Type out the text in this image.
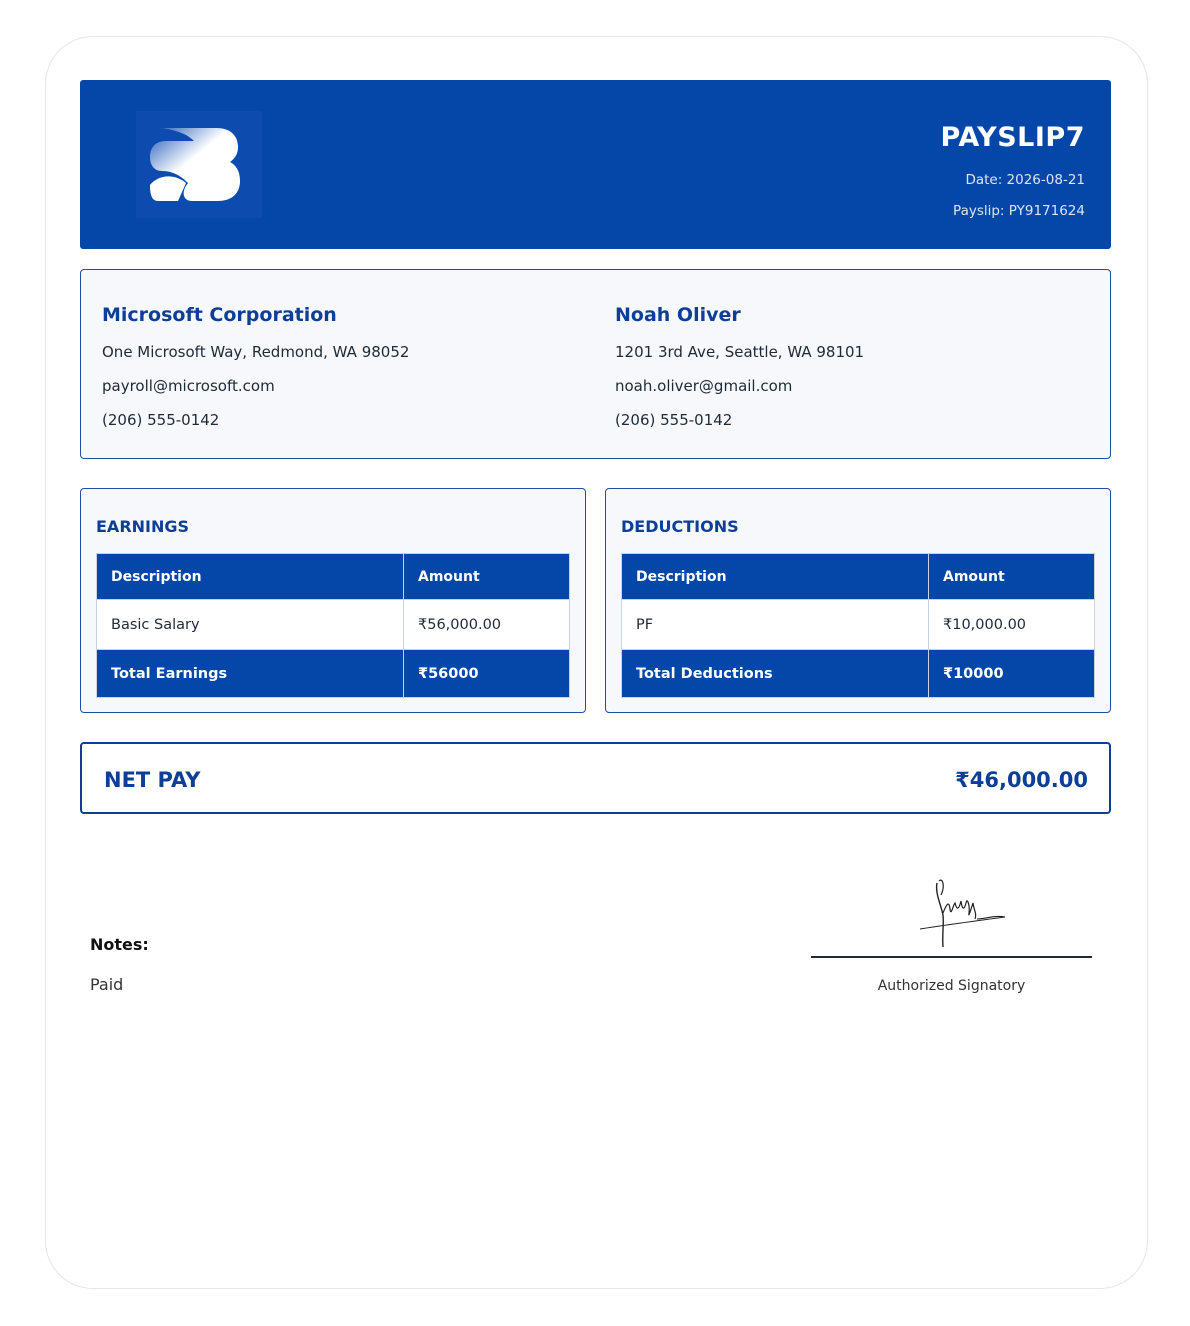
PAYSLIP7
Date: 2026-08-21
Payslip: PY9171624
Microsoft Corporation
One Microsoft Way, Redmond, WA 98052
payroll@microsoft.com
(206) 555-0142
Noah Oliver
1201 3rd Ave, Seattle, WA 98101
noah.oliver@gmail.com
(206) 555-0142
EARNINGS
Description	Amount
Basic Salary	₹56,000.00
Total Earnings	₹56000
DEDUCTIONS
Description	Amount
PF	₹10,000.00
Total Deductions	₹10000
NET PAY	₹46,000.00
Notes:
Paid	Authorized Signatory
